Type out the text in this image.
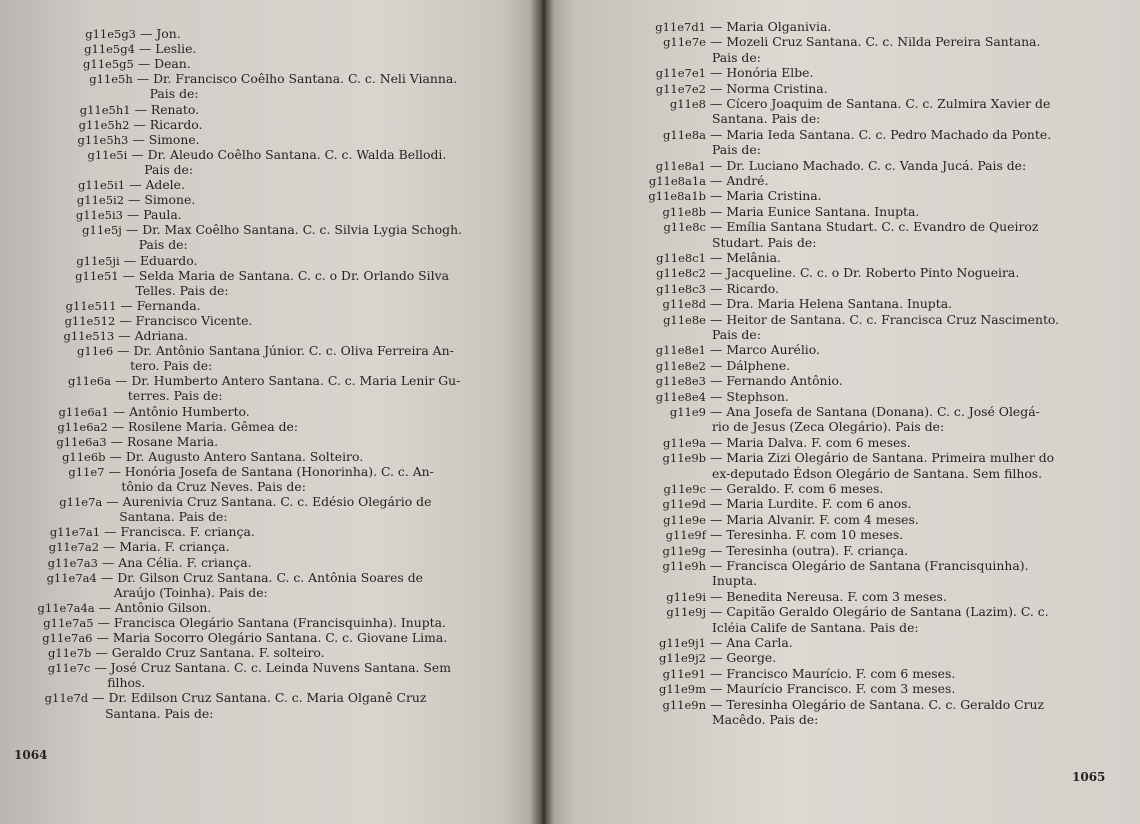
g11e5g3 — Jon.
g11e5g4 — Leslie.
g11e5g5 — Dean.
g11e5h — Dr. Francisco Coêlho Santana. C. c. Neli Vianna.
Pais de:
g11e5h1 — Renato.
g11e5h2 — Ricardo.
g11e5h3 — Simone.
g11e5i — Dr. Aleudo Coêlho Santana. C. c. Walda Bellodi.
Pais de:
g11e5i1 — Adele.
g11e5i2 — Simone.
g11e5i3 — Paula.
g11e5j — Dr. Max Coêlho Santana. C. c. Silvia Lygia Schogh.
Pais de:
g11e5ji — Eduardo.
g11e51 — Selda Maria de Santana. C. c. o Dr. Orlando Silva
Telles. Pais de:
g11e511 — Fernanda.
g11e512 — Francisco Vicente.
g11e513 — Adriana.
g11e6 — Dr. Antônio Santana Júnior. C. c. Oliva Ferreira An-
tero. Pais de:
g11e6a — Dr. Humberto Antero Santana. C. c. Maria Lenir Gu-
terres. Pais de:
g11e6a1 — Antônio Humberto.
g11e6a2 — Rosilene Maria. Gêmea de:
g11e6a3 — Rosane Maria.
g11e6b — Dr. Augusto Antero Santana. Solteiro.
g11e7 — Honória Josefa de Santana (Honorinha). C. c. An-
tônio da Cruz Neves. Pais de:
g11e7a — Aurenivia Cruz Santana. C. c. Edésio Olegário de
Santana. Pais de:
g11e7a1 — Francisca. F. criança.
g11e7a2 — Maria. F. criança.
g11e7a3 — Ana Célia. F. criança.
g11e7a4 — Dr. Gilson Cruz Santana. C. c. Antônia Soares de
Araújo (Toinha). Pais de:
g11e7a4a — Antônio Gilson.
g11e7a5 — Francisca Olegário Santana (Francisquinha). Inupta.
g11e7a6 — Maria Socorro Olegário Santana. C. c. Giovane Lima.
g11e7b — Geraldo Cruz Santana. F. solteiro.
g11e7c — José Cruz Santana. C. c. Leinda Nuvens Santana. Sem
filhos.
g11e7d — Dr. Edilson Cruz Santana. C. c. Maria Olganê Cruz
Santana. Pais de:
1064
g11e7d1 — Maria Olganivia.
g11e7e — Mozeli Cruz Santana. C. c. Nilda Pereira Santana.
Pais de:
g11e7e1 — Honória Elbe.
g11e7e2 — Norma Cristina.
g11e8 — Cícero Joaquim de Santana. C. c. Zulmira Xavier de
Santana. Pais de:
g11e8a — Maria Ieda Santana. C. c. Pedro Machado da Ponte.
Pais de:
g11e8a1 — Dr. Luciano Machado. C. c. Vanda Jucá. Pais de:
g11e8a1a — André.
g11e8a1b — Maria Cristina.
g11e8b — Maria Eunice Santana. Inupta.
g11e8c — Emília Santana Studart. C. c. Evandro de Queiroz
Studart. Pais de:
g11e8c1 — Melânia.
g11e8c2 — Jacqueline. C. c. o Dr. Roberto Pinto Nogueira.
g11e8c3 — Ricardo.
g11e8d — Dra. Maria Helena Santana. Inupta.
g11e8e — Heitor de Santana. C. c. Francisca Cruz Nascimento.
Pais de:
g11e8e1 — Marco Aurélio.
g11e8e2 — Dálphene.
g11e8e3 — Fernando Antônio.
g11e8e4 — Stephson.
g11e9 — Ana Josefa de Santana (Donana). C. c. José Olegá-
rio de Jesus (Zeca Olegário). Pais de:
g11e9a — Maria Dalva. F. com 6 meses.
g11e9b — Maria Zizi Olegário de Santana. Primeira mulher do
ex-deputado Édson Olegário de Santana. Sem filhos.
g11e9c — Geraldo. F. com 6 meses.
g11e9d — Maria Lurdite. F. com 6 anos.
g11e9e — Maria Alvanir. F. com 4 meses.
g11e9f — Teresinha. F. com 10 meses.
g11e9g — Teresinha (outra). F. criança.
g11e9h — Francisca Olegário de Santana (Francisquinha).
Inupta.
g11e9i — Benedita Nereusa. F. com 3 meses.
g11e9j — Capitão Geraldo Olegário de Santana (Lazim). C. c.
Icléia Calife de Santana. Pais de:
g11e9j1 — Ana Carla.
g11e9j2 — George.
g11e91 — Francisco Maurício. F. com 6 meses.
g11e9m — Maurício Francisco. F. com 3 meses.
g11e9n — Teresinha Olegário de Santana. C. c. Geraldo Cruz
Macêdo. Pais de:
1065
